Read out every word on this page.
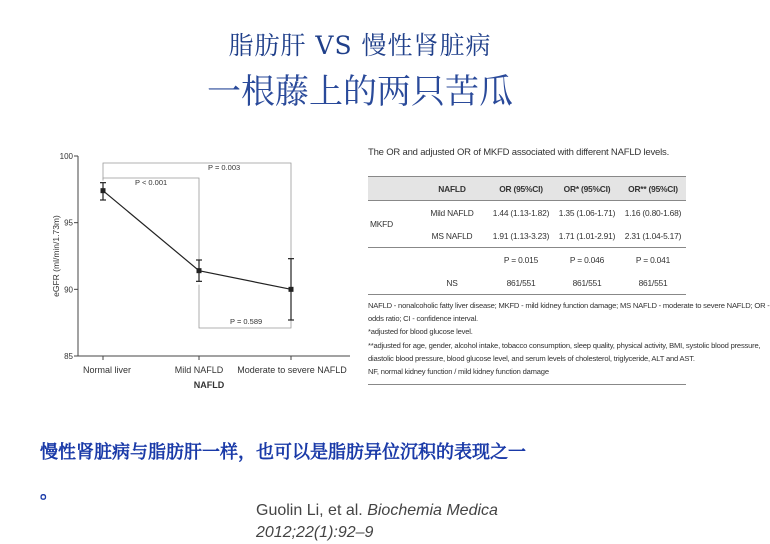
脂肪肝 VS 慢性肾脏病
一根藤上的两只苦瓜
100
95
90
85
P < 0.001
P = 0.003
P = 0.589
Normal liver	Mild NAFLD Moderate to severe NAFLD
eGFR (ml/min/1.73m)
NAFLD
The OR and adjusted OR of MKFD associated with different NAFLD levels.
	NAFLD	OR (95%CI)	OR* (95%CI)	OR** (95%CI)
MKFD	Mild NAFLD	1.44 (1.13-1.82)	1.35 (1.06-1.71)	1.16 (0.80-1.68)
	MS NAFLD	1.91 (1.13-3.23)	1.71 (1.01-2.91)	2.31 (1.04-5.17)
		P = 0.015	P = 0.046	P = 0.041
	NS	861/551	861/551	861/551
NAFLD - nonalcoholic fatty liver disease; MKFD - mild kidney function damage; MS NAFLD - moderate to severe NAFLD; OR -
odds ratio; CI - confidence interval.
*adjusted for blood glucose level.
**adjusted for age, gender, alcohol intake, tobacco consumption, sleep quality, physical activity, BMI, systolic blood pressure,
diastolic blood pressure, blood glucose level, and serum levels of cholesterol, triglyceride, ALT and AST.
NF, normal kidney function / mild kidney function damage
慢性肾脏病与脂肪肝一样，也可以是脂肪异位沉积的表现之一
。
Guolin Li, et al. Biochemia Medica
2012;22(1):92–9
